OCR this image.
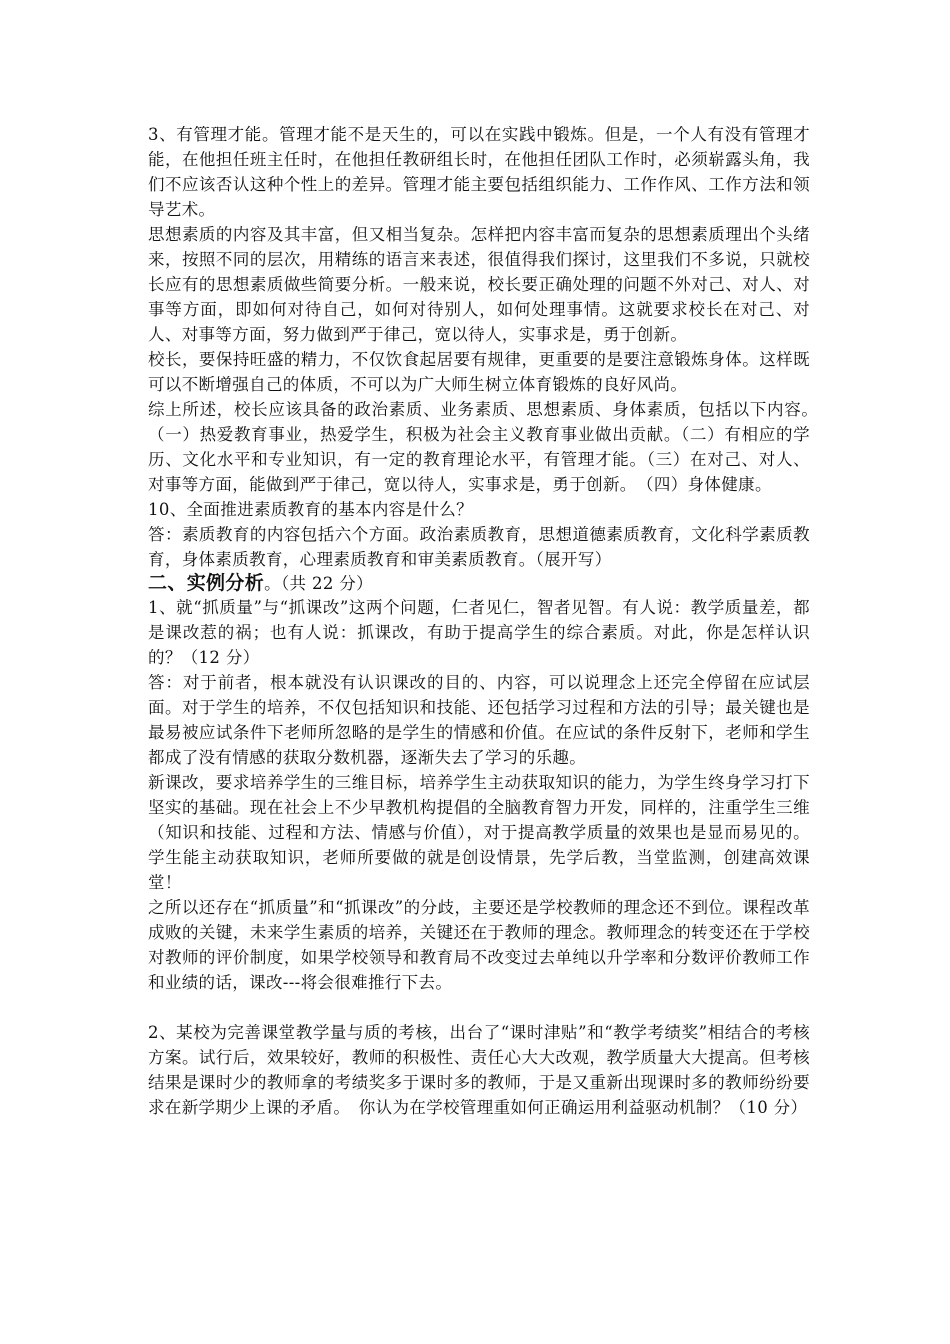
3、有管理才能。管理才能不是天生的，可以在实践中锻炼。但是，一个人有没有管理才能，在他担任班主任时，在他担任教研组长时，在他担任团队工作时，必须崭露头角，我们不应该否认这种个性上的差异。管理才能主要包括组织能力、工作作风、工作方法和领导艺术。

思想素质的内容及其丰富，但又相当复杂。怎样把内容丰富而复杂的思想素质理出个头绪来，按照不同的层次，用精练的语言来表述，很值得我们探讨，这里我们不多说，只就校长应有的思想素质做些简要分析。一般来说，校长要正确处理的问题不外对己、对人、对事等方面，即如何对待自己，如何对待别人，如何处理事情。这就要求校长在对己、对人、对事等方面，努力做到严于律己，宽以待人，实事求是，勇于创新。

校长，要保持旺盛的精力，不仅饮食起居要有规律，更重要的是要注意锻炼身体。这样既可以不断增强自己的体质，不可以为广大师生树立体育锻炼的良好风尚。

综上所述，校长应该具备的政治素质、业务素质、思想素质、身体素质，包括以下内容。　（一）热爱教育事业，热爱学生，积极为社会主义教育事业做出贡献。（二）有相应的学历、文化水平和专业知识，有一定的教育理论水平，有管理才能。（三）在对己、对人、对事等方面，能做到严于律己，宽以待人，实事求是，勇于创新。　（四）身体健康。

10、全面推进素质教育的基本内容是什么？

答：素质教育的内容包括六个方面。政治素质教育，思想道德素质教育，文化科学素质教育，身体素质教育，心理素质教育和审美素质教育。（展开写）

二、实例分析。（共 22 分）

1、就“抓质量”与“抓课改”这两个问题，仁者见仁，智者见智。有人说：教学质量差，都是课改惹的祸；也有人说：抓课改，有助于提高学生的综合素质。对此，你是怎样认识的？（12 分）

答：对于前者，根本就没有认识课改的目的、内容，可以说理念上还完全停留在应试层面。对于学生的培养，不仅包括知识和技能、还包括学习过程和方法的引导；最关键也是最易被应试条件下老师所忽略的是学生的情感和价值。在应试的条件反射下，老师和学生都成了没有情感的获取分数机器，逐渐失去了学习的乐趣。

新课改，要求培养学生的三维目标，培养学生主动获取知识的能力，为学生终身学习打下坚实的基础。现在社会上不少早教机构提倡的全脑教育智力开发，同样的，注重学生三维（知识和技能、过程和方法、情感与价值），对于提高教学质量的效果也是显而易见的。学生能主动获取知识，老师所要做的就是创设情景，先学后教，当堂监测，创建高效课堂！

之所以还存在“抓质量”和“抓课改”的分歧，主要还是学校教师的理念还不到位。课程改革成败的关键，未来学生素质的培养，关键还在于教师的理念。教师理念的转变还在于学校对教师的评价制度，如果学校领导和教育局不改变过去单纯以升学率和分数评价教师工作和业绩的话，课改---将会很难推行下去。

2、某校为完善课堂教学量与质的考核，出台了“课时津贴”和“教学考绩奖”相结合的考核方案。试行后，效果较好，教师的积极性、责任心大大改观，教学质量大大提高。但考核结果是课时少的教师拿的考绩奖多于课时多的教师，于是又重新出现课时多的教师纷纷要求在新学期少上课的矛盾。　你认为在学校管理重如何正确运用利益驱动机制？（10 分）
